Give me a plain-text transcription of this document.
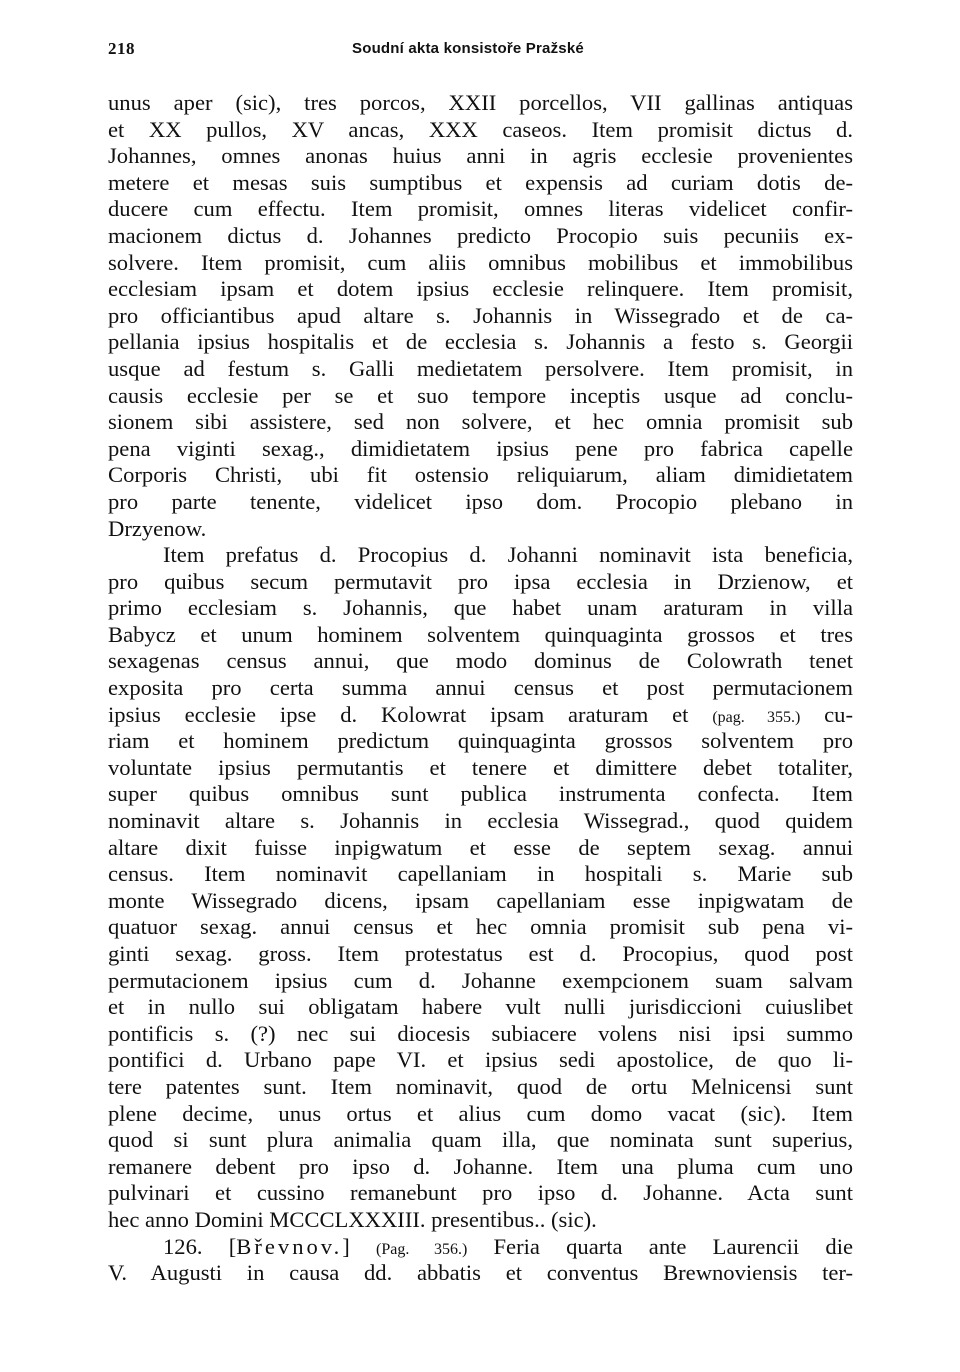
218	Soudní akta konsistoře Pražské
unus aper (sic), tres porcos, XXII porcellos, VII gallinas antiquas
et XX pullos, XV ancas, XXX caseos. Item promisit dictus d.
Johannes, omnes anonas huius anni in agris ecclesie provenientes
metere et mesas suis sumptibus et expensis ad curiam dotis de-
ducere cum effectu. Item promisit, omnes literas videlicet confir-
macionem dictus d. Johannes predicto Procopio suis pecuniis ex-
solvere. Item promisit, cum aliis omnibus mobilibus et immobilibus
ecclesiam ipsam et dotem ipsius ecclesie relinquere. Item promisit,
pro officiantibus apud altare s. Johannis in Wissegrado et de ca-
pellania ipsius hospitalis et de ecclesia s. Johannis a festo s. Georgii
usque ad festum s. Galli medietatem persolvere. Item promisit, in
causis ecclesie per se et suo tempore inceptis usque ad conclu-
sionem sibi assistere, sed non solvere, et hec omnia promisit sub
pena viginti sexag., dimidietatem ipsius pene pro fabrica capelle
Corporis Christi, ubi fit ostensio reliquiarum, aliam dimidietatem
pro parte tenente, videlicet ipso dom. Procopio plebano in
Drzyenow.
Item prefatus d. Procopius d. Johanni nominavit ista beneficia,
pro quibus secum permutavit pro ipsa ecclesia in Drzienow, et
primo ecclesiam s. Johannis, que habet unam araturam in villa
Babycz et unum hominem solventem quinquaginta grossos et tres
sexagenas census annui, que modo dominus de Colowrath tenet
exposita pro certa summa annui census et post permutacionem
ipsius ecclesie ipse d. Kolowrat ipsam araturam et (pag. 355.) cu-
riam et hominem predictum quinquaginta grossos solventem pro
voluntate ipsius permutantis et tenere et dimittere debet totaliter,
super quibus omnibus sunt publica instrumenta confecta. Item
nominavit altare s. Johannis in ecclesia Wissegrad., quod quidem
altare dixit fuisse inpigwatum et esse de septem sexag. annui
census. Item nominavit capellaniam in hospitali s. Marie sub
monte Wissegrado dicens, ipsam capellaniam esse inpigwatam de
quatuor sexag. annui census et hec omnia promisit sub pena vi-
ginti sexag. gross. Item protestatus est d. Procopius, quod post
permutacionem ipsius cum d. Johanne exempcionem suam salvam
et in nullo sui obligatam habere vult nulli jurisdiccioni cuiuslibet
pontificis s. (?) nec sui diocesis subiacere volens nisi ipsi summo
pontifici d. Urbano pape VI. et ipsius sedi apostolice, de quo li-
tere patentes sunt. Item nominavit, quod de ortu Melnicensi sunt
plene decime, unus ortus et alius cum domo vacat (sic). Item
quod si sunt plura animalia quam illa, que nominata sunt superius,
remanere debent pro ipso d. Johanne. Item una pluma cum uno
pulvinari et cussino remanebunt pro ipso d. Johanne. Acta sunt
hec anno Domini MCCCLXXXIII. presentibus.. (sic).
126. [Břevnov.] (Pag. 356.) Feria quarta ante Laurencii die
V. Augusti in causa dd. abbatis et conventus Brewnoviensis ter-
